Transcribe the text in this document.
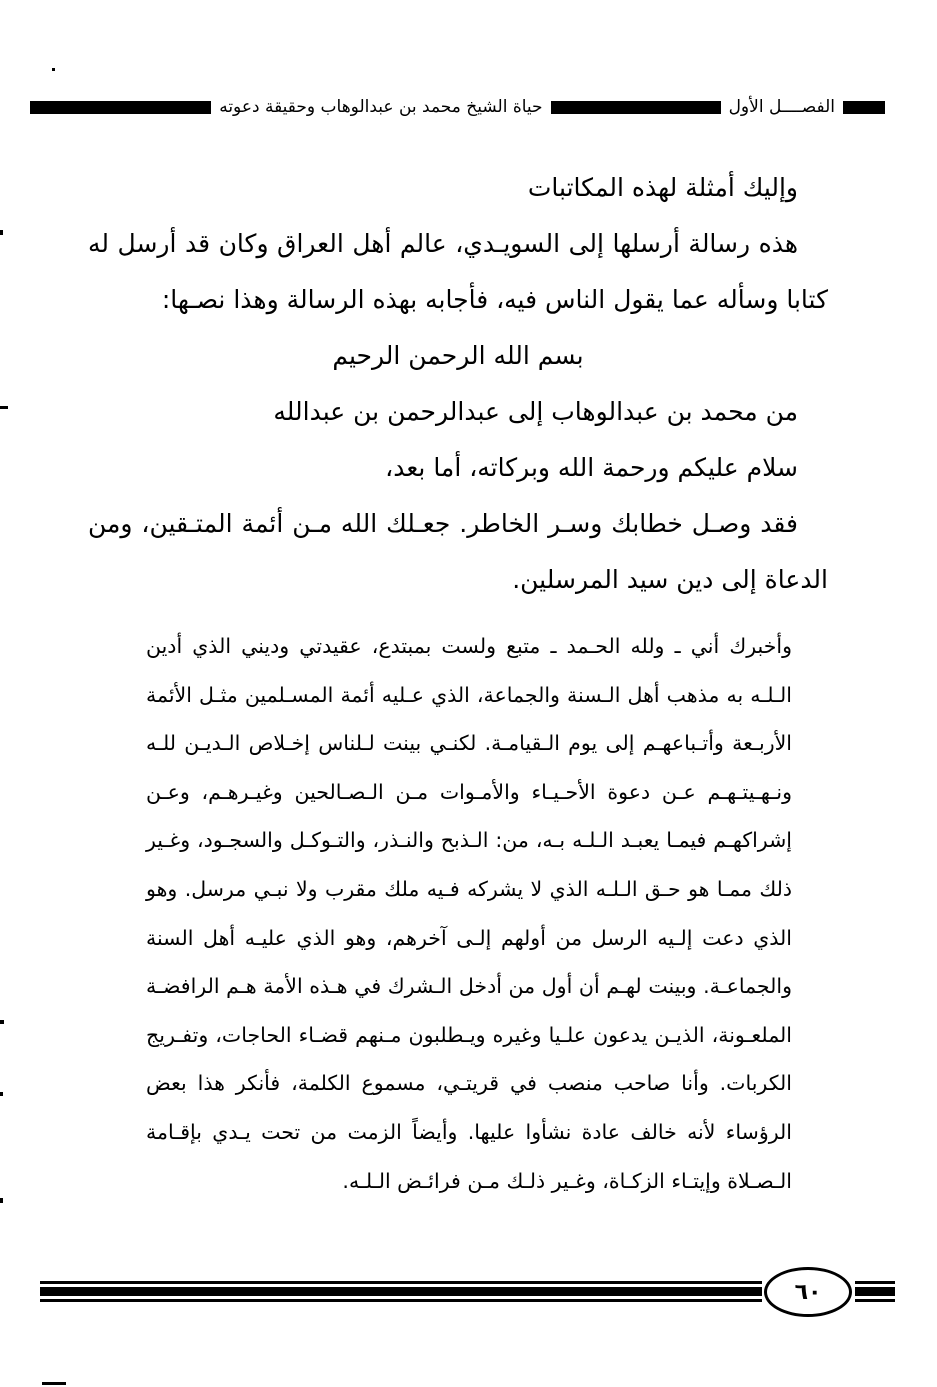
الفصــــل الأول
حياة الشيخ محمد بن عبدالوهاب وحقيقة دعوته

وإليك أمثلة لهذه المكاتبات

هذه رسالة أرسلها إلى السويـدي، عالم أهل العراق وكان قد أرسل له كتابا وسأله عما يقول الناس فيه، فأجابه بهذه الرسالة وهذا نصـها:

بسم الله الرحمن الرحيم

من محمد بن عبدالوهاب إلى عبدالرحمن بن عبدالله

سلام عليكم ورحمة الله وبركاته، أما بعد،

فقد وصـل خطابك وسـر الخاطر. جعـلك الله مـن أئمة المتـقين، ومن الدعاة إلى دين سيد المرسلين.

وأخبرك أني ـ ولله الحـمد ـ متبع ولست بمبتدع، عقيدتي وديني الذي أدين الـلـه به مذهب أهل الـسنة والجماعة، الذي عـليه أئمة المسـلمين مثـل الأئمة الأربـعة وأتـباعهـم إلى يوم الـقيامـة. لكنـي بينت لـلناس إخـلاص الـديـن للـه ونـهـيتـهـم عـن دعوة الأحـيـاء والأمـوات مـن الـصـالحين وغيـرهـم، وعـن إشراكهـم فيمـا يعبـد الـلـه بـه، من: الـذبح والنـذر، والتـوكـل والسجـود، وغـير ذلك ممـا هو حـق الـلـه الذي لا يشركه فـيه ملك مقرب ولا نبـي مرسل. وهو الذي دعت إلـيه الرسل من أولهم إلـى آخرهم، وهو الذي عليـه أهل السنة والجماعـة. وبينت لهـم أن أول من أدخل الـشرك في هـذه الأمة هـم الرافضـة الملعـونة، الذيـن يدعون علـيا وغيره ويـطلبون مـنهم قضـاء الحاجات، وتفـريج الكربات. وأنا صاحب منصب في قريتـي، مسموع الكلمة، فأنكر هذا بعض الرؤساء لأنه خالف عادة نشأوا عليها. وأيضاً الزمت من تحت يـدي بإقـامة الـصـلاة وإيتـاء الزكـاة، وغـير ذلـك مـن فرائـض الـلـه.

٦٠
